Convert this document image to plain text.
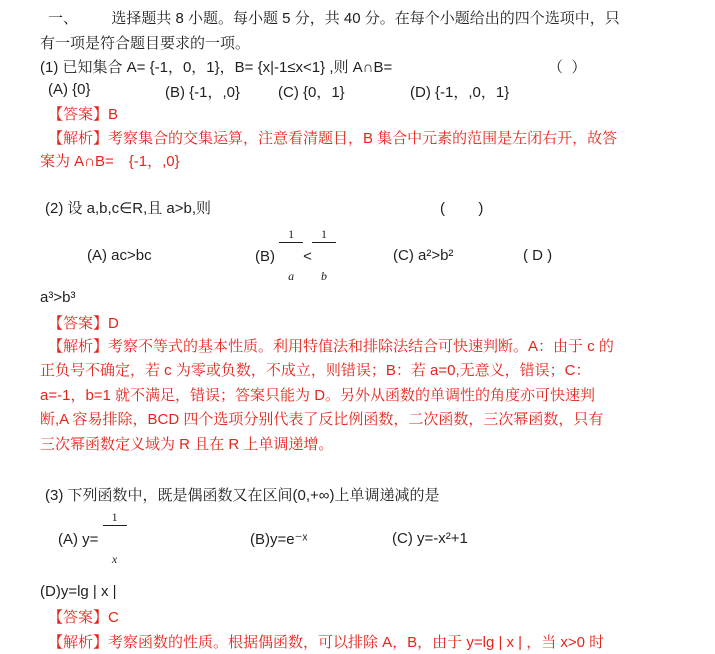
一、        选择题共 8 小题。每小题 5 分，共 40 分。在每个小题给出的四个选项中，只
有一项是符合题目要求的一项。
(1) 已知集合 A= {-1，0，1}，B= {x|-1≤x<1} ,则 A∩B=	（  ）
(A) {0}	(B) {-1，,0}	(C) {0，1}	(D) {-1，,0，1}
【答案】B
【解析】考察集合的交集运算，注意看清题目，B 集合中元素的范围是左闭右开，故答
案为 A∩B=　{-1，,0}
(2) 设 a,b,c∈R,且 a>b,则	(        )
(A) ac>bc	(B)

$\frac{1}{a}$

<

$\frac{1}{b}$

	(C) a²>b²	( D )
a³>b³
【答案】D
【解析】考察不等式的基本性质。利用特值法和排除法结合可快速判断。A：由于 c 的
正负号不确定，若 c 为零或负数，不成立，则错误；B：若 a=0,无意义，错误；C：
a=-1，b=1 就不满足，错误；答案只能为 D。另外从函数的单调性的角度亦可快速判
断,A 容易排除，BCD 四个选项分别代表了反比例函数，二次函数，三次幂函数，只有
三次幂函数定义域为 R 且在 R 上单调递增。
(3) 下列函数中，既是偶函数又在区间(0,+∞)上单调递减的是
(A) y=

$\frac{1}{x}$

	(B)y=e⁻ˣ	(C) y=-x²+1
(D)y=lg | x |
【答案】C
【解析】考察函数的性质。根据偶函数，可以排除 A，B，由于 y=lg | x | ，当 x>0 时
